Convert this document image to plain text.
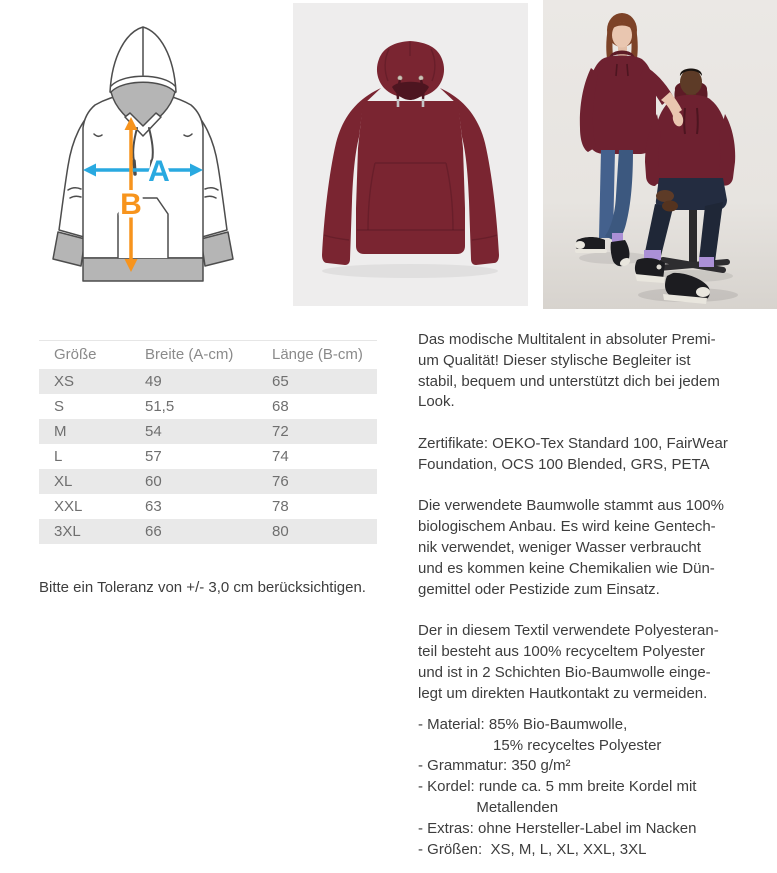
A
B
Größe	Breite (A-cm)	Länge (B-cm)
XS	49	65
S	51,5	68
M	54	72
L	57	74
XL	60	76
XXL	63	78
3XL	66	80
Bitte ein Toleranz von +/- 3,0 cm berücksichtigen.
Das modische Multitalent in absoluter Premi-
um Qualität! Dieser stylische Begleiter ist
stabil, bequem und unterstützt dich bei jedem
Look.
Zertifikate: OEKO-Tex Standard 100, FairWear
Foundation, OCS 100 Blended, GRS, PETA
Die verwendete Baumwolle stammt aus 100%
biologischem Anbau. Es wird keine Gentech-
nik verwendet, weniger Wasser verbraucht
und es kommen keine Chemikalien wie Dün-
gemittel oder Pestizide zum Einsatz.
Der in diesem Textil verwendete Polyesteran-
teil besteht aus 100% recyceltem Polyester
und ist in 2 Schichten Bio-Baumwolle einge-
legt um direkten Hautkontakt zu vermeiden.
- Material: 85% Bio-Baumwolle,
15% recyceltes Polyester
- Grammatur: 350 g/m²
- Kordel: runde ca. 5 mm breite Kordel mit
Metallenden
- Extras: ohne Hersteller-Label im Nacken
- Größen:  XS, M, L, XL, XXL, 3XL
